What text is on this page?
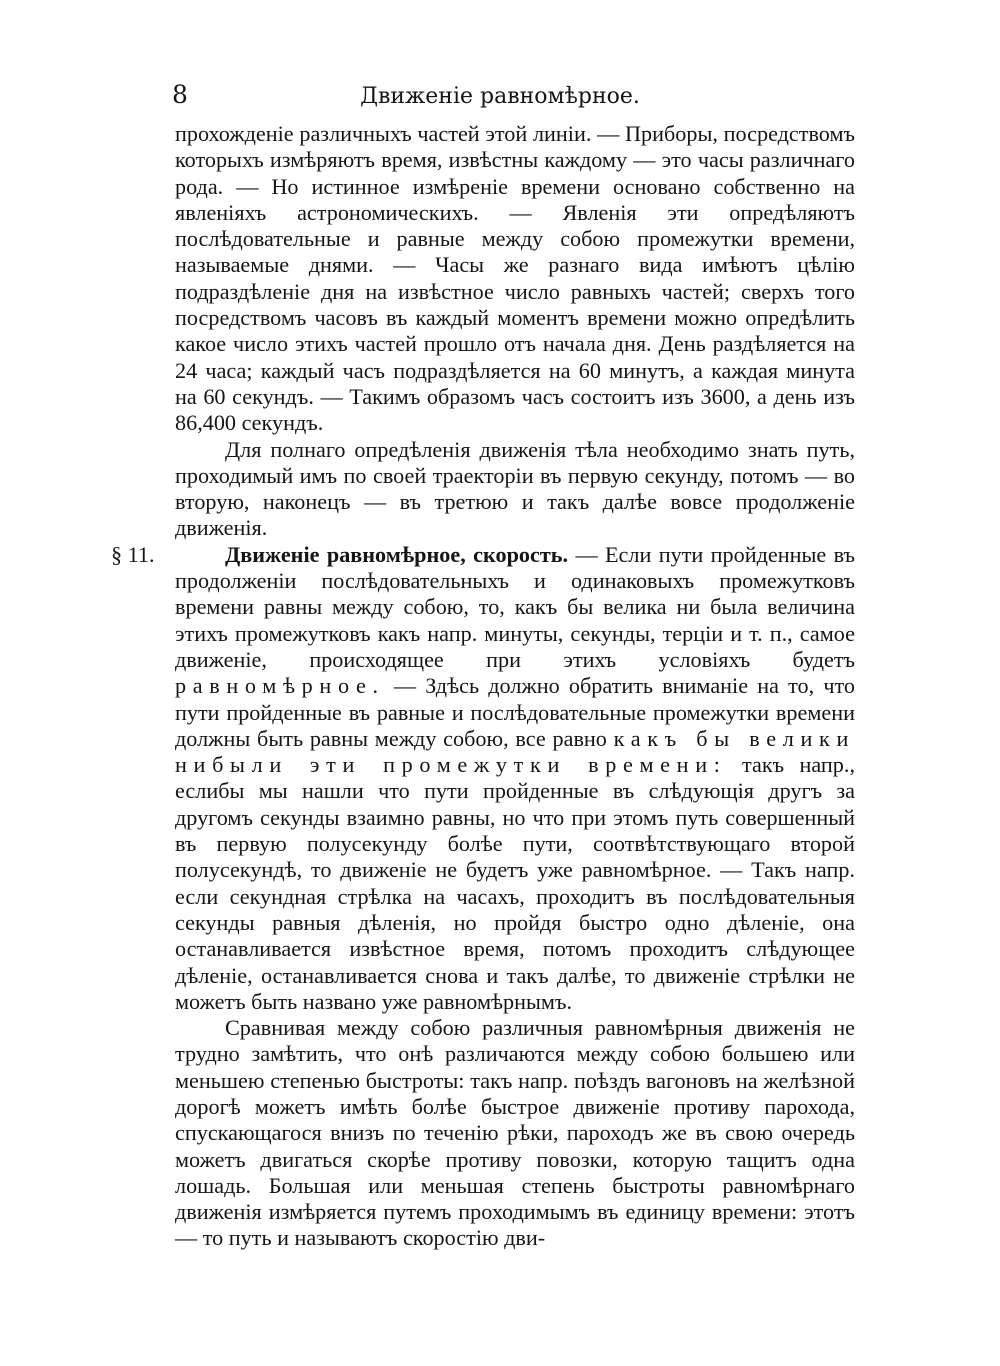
8	Движеніе равномѣрное.

прохожденіе различныхъ частей этой линіи. — Приборы, посредствомъ которыхъ измѣряютъ время, извѣстны каждому — это часы различнаго рода. — Но истинное измѣреніе времени основано собственно на явленіяхъ астрономическихъ. — Явленія эти опредѣляютъ послѣдовательные и равные между собою промежутки времени, называемые днями. — Часы же разнаго вида имѣютъ цѣлію подраздѣленіе дня на извѣстное число равныхъ частей; сверхъ того посредствомъ часовъ въ каждый моментъ времени можно опредѣлить какое число этихъ частей прошло отъ начала дня. День раздѣляется на 24 часа; каждый часъ подраздѣляется на 60 минутъ, а каждая минута на 60 секундъ. — Такимъ образомъ часъ состоитъ изъ 3600, а день изъ 86,400 секундъ.

Для полнаго опредѣленія движенія тѣла необходимо знать путь, проходимый имъ по своей траекторіи въ первую секунду, потомъ — во вторую, наконецъ — въ третюю и такъ далѣе вовсе продолженіе движенія.

§ 11.	Движеніе равномѣрное, скорость. — Если пути пройденные въ продолженіи послѣдовательныхъ и одинаковыхъ промежутковъ времени равны между собою, то, какъ бы велика ни была величина этихъ промежутковъ какъ напр. минуты, секунды, терціи и т. п., самое движеніе, происходящее при этихъ условіяхъ будетъ равномѣрное. — Здѣсь должно обратить вниманіе на то, что пути пройденные въ равные и послѣдовательные промежутки времени должны быть равны между собою, все равно какъ бы велики нибыли эти промежутки времени: такъ напр., еслибы мы нашли что пути пройденные въ слѣдующія другъ за другомъ секунды взаимно равны, но что при этомъ путь совершенный въ первую полусекунду болѣе пути, соотвѣтствующаго второй полусекундѣ, то движеніе не будетъ уже равномѣрное. — Такъ напр. если секундная стрѣлка на часахъ, проходитъ въ послѣдовательныя секунды равныя дѣленія, но пройдя быстро одно дѣленіе, она останавливается извѣстное время, потомъ проходитъ слѣдующее дѣленіе, останавливается снова и такъ далѣе, то движеніе стрѣлки не можетъ быть названо уже равномѣрнымъ.

Сравнивая между собою различныя равномѣрныя движенія не трудно замѣтить, что онѣ различаются между собою большею или меньшею степенью быстроты: такъ напр. поѣздъ вагоновъ на желѣзной дорогѣ можетъ имѣть болѣе быстрое движеніе противу парохода, спускающагося внизъ по теченію рѣки, пароходъ же въ свою очередь можетъ двигаться скорѣе противу повозки, которую тащитъ одна лошадь. Большая или меньшая степень быстроты равномѣрнаго движенія измѣряется путемъ проходимымъ въ единицу времени: этотъ — то путь и называютъ скоростію дви-
